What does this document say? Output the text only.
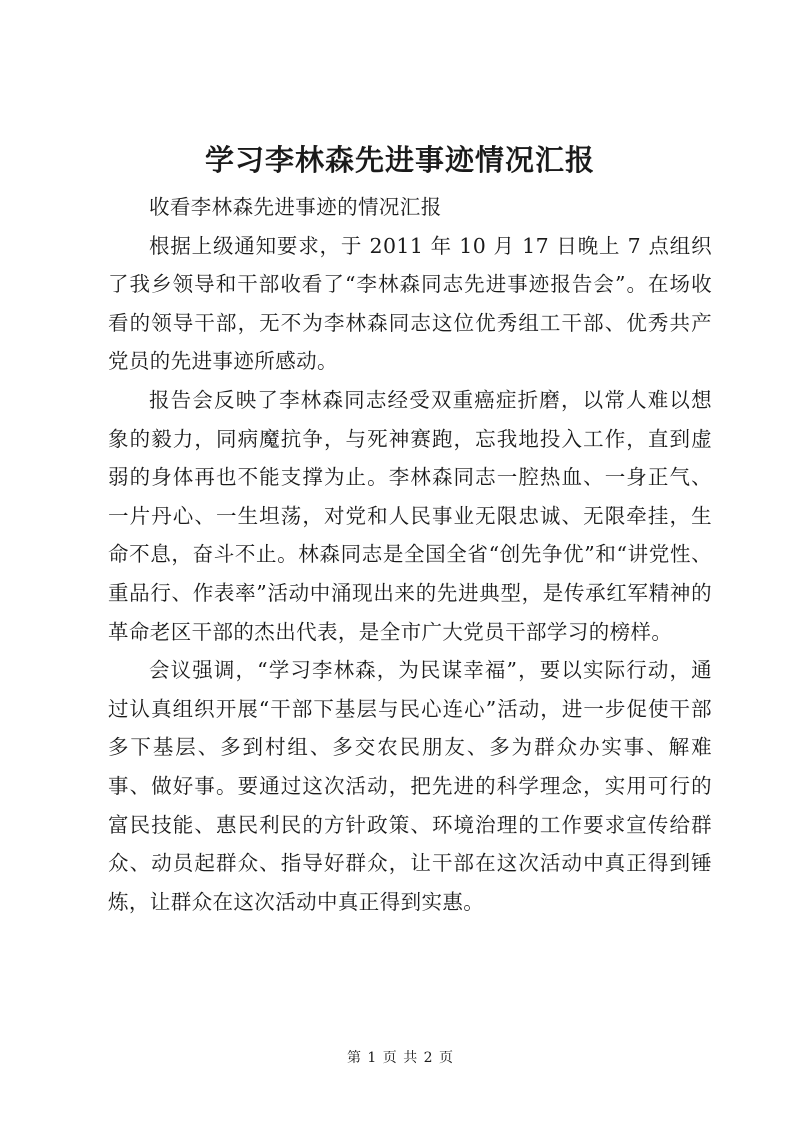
学习李林森先进事迹情况汇报

收看李林森先进事迹的情况汇报

根据上级通知要求，于 2011 年 10 月 17 日晚上 7 点组织了我乡领导和干部收看了“李林森同志先进事迹报告会”。在场收看的领导干部，无不为李林森同志这位优秀组工干部、优秀共产党员的先进事迹所感动。

报告会反映了李林森同志经受双重癌症折磨，以常人难以想象的毅力，同病魔抗争，与死神赛跑，忘我地投入工作，直到虚弱的身体再也不能支撑为止。李林森同志一腔热血、一身正气、一片丹心、一生坦荡，对党和人民事业无限忠诚、无限牵挂，生命不息，奋斗不止。林森同志是全国全省“创先争优”和“讲党性、重品行、作表率”活动中涌现出来的先进典型，是传承红军精神的革命老区干部的杰出代表，是全市广大党员干部学习的榜样。

会议强调，“学习李林森，为民谋幸福”，要以实际行动，通过认真组织开展“干部下基层与民心连心”活动，进一步促使干部多下基层、多到村组、多交农民朋友、多为群众办实事、解难事、做好事。要通过这次活动，把先进的科学理念，实用可行的富民技能、惠民利民的方针政策、环境治理的工作要求宣传给群众、动员起群众、指导好群众，让干部在这次活动中真正得到锤炼，让群众在这次活动中真正得到实惠。

第 1 页 共 2 页
